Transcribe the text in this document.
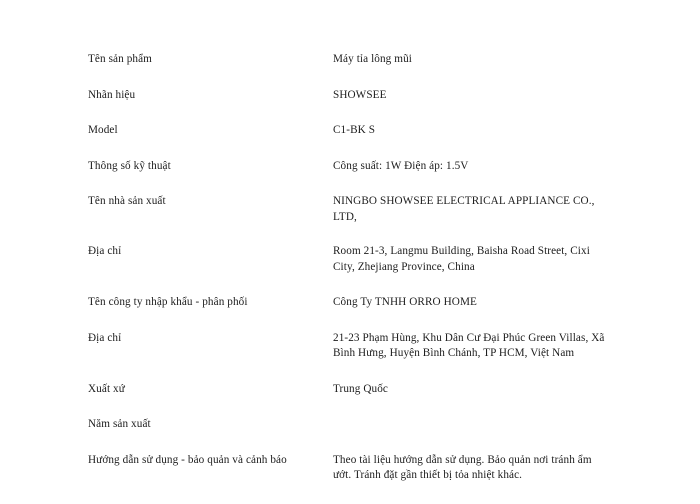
Tên sản phẩm	Máy tỉa lông mũi

Nhãn hiệu	SHOWSEE

Model	C1-BK S

Thông số kỹ thuật	Công suất: 1W Điện áp: 1.5V

Tên nhà sản xuất	NINGBO SHOWSEE ELECTRICAL APPLIANCE CO.,
LTD,

Địa chỉ	Room 21-3, Langmu Building, Baisha Road Street, Cixi
City, Zhejiang Province, China

Tên công ty nhập khẩu - phân phối	Công Ty TNHH ORRO HOME

Địa chỉ	21-23 Phạm Hùng, Khu Dân Cư Đại Phúc Green Villas, Xã
Bình Hưng, Huyện Bình Chánh, TP HCM, Việt Nam

Xuất xứ	Trung Quốc

Năm sản xuất	

Hướng dẫn sử dụng - bảo quản và cảnh báo	Theo tài liệu hướng dẫn sử dụng. Bảo quản nơi tránh ẩm
ướt. Tránh đặt gần thiết bị tỏa nhiệt khác.
